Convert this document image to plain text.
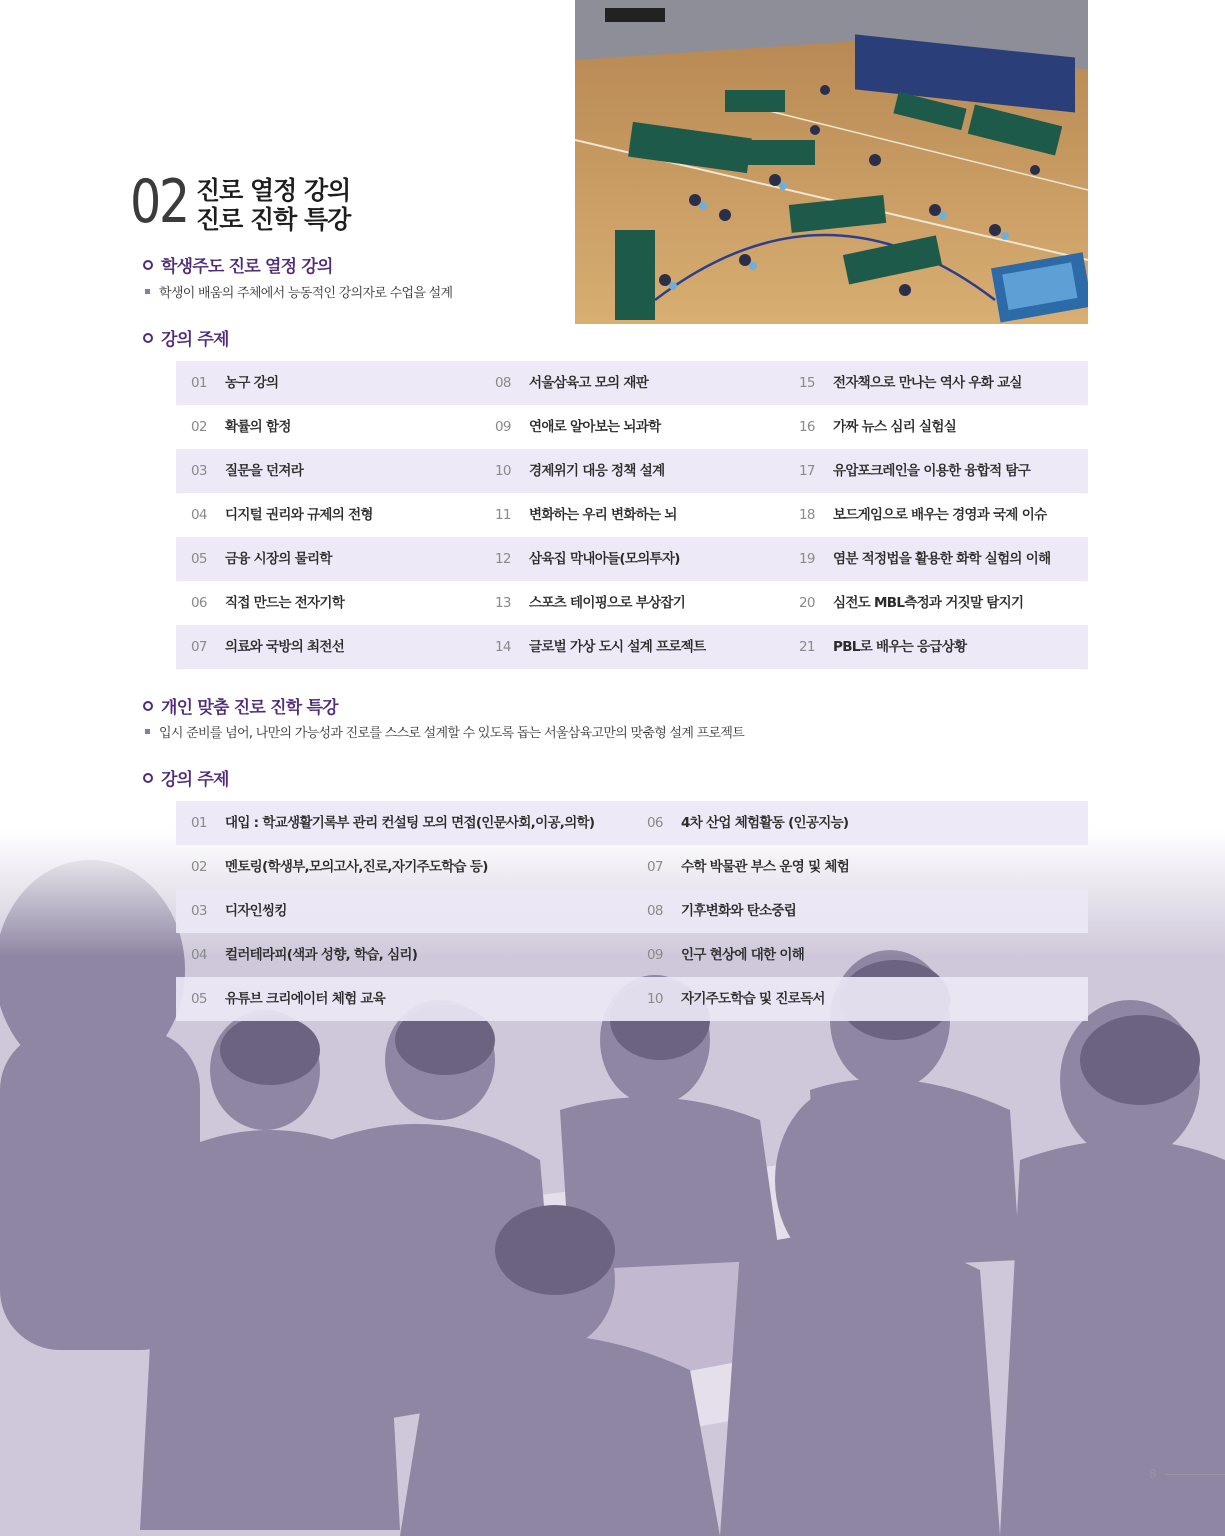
02 진로 열정 강의
진로 진학 특강
학생주도 진로 열정 강의
학생이 배움의 주체에서 능동적인 강의자로 수업을 설계
강의 주제
01 농구 강의	08 서울삼육고 모의 재판	15 전자책으로 만나는 역사 우화 교실
02 확률의 함정	09 연애로 알아보는 뇌과학	16 가짜 뉴스 심리 실험실
03 질문을 던져라	10 경제위기 대응 정책 설계	17 유압포크레인을 이용한 융합적 탐구
04 디지털 권리와 규제의 전형	11 변화하는 우리 변화하는 뇌	18 보드게임으로 배우는 경영과 국제 이슈
05 금융 시장의 물리학	12 삼육집 막내아들(모의투자)	19 염분 적정법을 활용한 화학 실험의 이해
06 직접 만드는 전자기학	13 스포츠 테이핑으로 부상잡기	20 심전도 MBL측정과 거짓말 탐지기
07 의료와 국방의 최전선	14 글로벌 가상 도시 설계 프로젝트	21 PBL로 배우는 응급상황
개인 맞춤 진로 진학 특강
입시 준비를 넘어, 나만의 가능성과 진로를 스스로 설계할 수 있도록 돕는 서울삼육고만의 맞춤형 설계 프로젝트
강의 주제
01 대입 : 학교생활기록부 관리 컨설팅 모의 면접(인문사회,이공,의학)	06 4차 산업 체험활동 (인공지능)
02 멘토링(학생부,모의고사,진로,자기주도학습 등)	07 수학 박물관 부스 운영 및 체험
03 디자인씽킹	08 기후변화와 탄소중립
04 컬러테라피(색과 성향, 학습, 심리)	09 인구 현상에 대한 이해
05 유튜브 크리에이터 체험 교육	10 자기주도학습 및 진로독서
8
